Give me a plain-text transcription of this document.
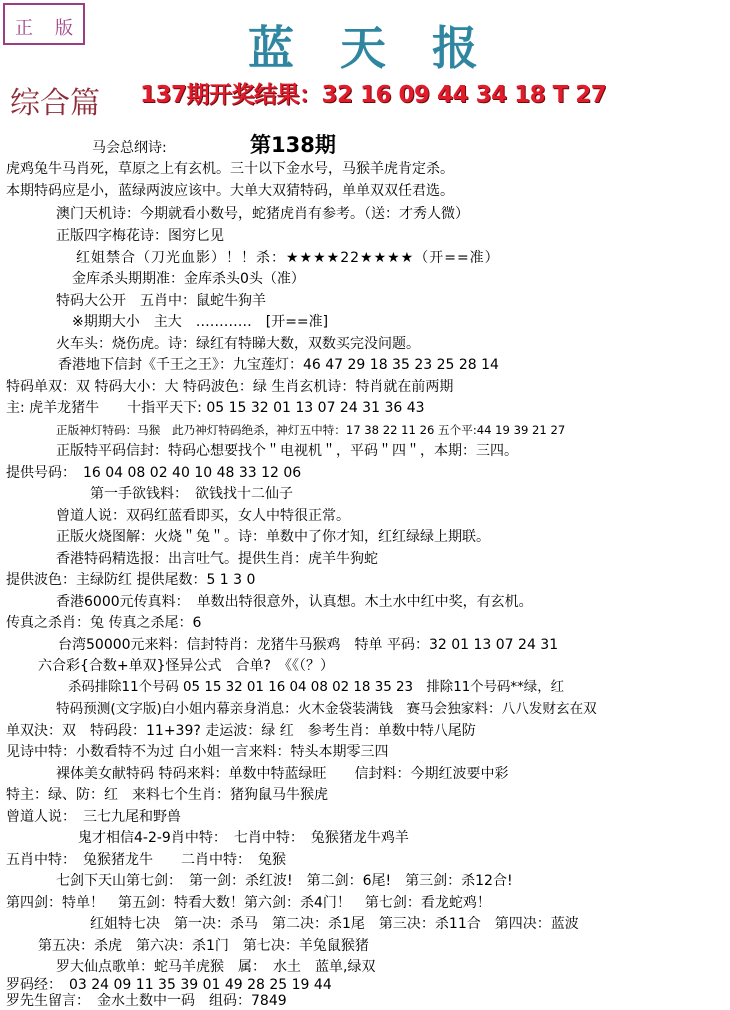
正 版	蓝天报
综合篇 137期开奖结果：32 16 09 44 34 18 T 27
马会总纲诗:	第138期
虎鸡兔牛马肖死，草原之上有玄机。三十以下金水号，马猴羊虎肯定杀。
本期特码应是小，蓝绿两波应该中。大单大双猜特码，单单双双任君选。
澳门天机诗：今期就看小数号，蛇猪虎肖有参考。（送：才秀人微）
正版四字梅花诗：图穷匕见
红姐禁合（刀光血影）！！杀：★★★★22★★★★（开==准）
金库杀头期期准：金库杀头0头（准）
特码大公开　五肖中：鼠蛇牛狗羊
※期期大小　主大　…………　[开==准]
火车头：烧伤虎。诗：绿红有特睇大数，双数买完没问题。
香港地下信封《千王之王》：九宝莲灯：46 47 29 18 35 23 25 28 14
特码单双：双 特码大小：大 特码波色：绿 生肖玄机诗：特肖就在前两期
主: 虎羊龙猪牛　　十指平天下: 05 15 32 01 13 07 24 31 36 43
正版神灯特码：马猴　此乃神灯特码绝杀，神灯五中特：17 38 22 11 26 五个平:44 19 39 21 27
正版特平码信封：特码心想要找个＂电视机＂，平码＂四＂，本期：三四。
提供号码：　16 04 08 02 40 10 48 33 12 06
第一手欲钱料：　欲钱找十二仙子
曾道人说：双码红蓝看即买，女人中特很正常。
正版火烧图解：火烧＂兔＂。诗：单数中了你才知，红红绿绿上期联。
香港特码精选报：出言吐气。提供生肖：虎羊牛狗蛇
提供波色：主绿防红 提供尾数：5 1 3 0
香港6000元传真料：　单数出特很意外，认真想。木土水中红中奖，有玄机。
传真之杀肖：兔 传真之杀尾：6
台湾50000元来料：信封特肖：龙猪牛马猴鸡　特单 平码：32 01 13 07 24 31
六合彩{合数+单双}怪异公式　合单?　《《（？）
杀码排除11个号码 05 15 32 01 16 04 08 02 18 35 23　排除11个号码**绿，红
特码预测(文字版)白小姐内幕亲身消息：火木金袋装满钱　赛马会独家料：八八发财玄在双
单双決：双　特码段：11+39? 走运波：绿 红　参考生肖：单数中特八尾防
见诗中特：小数看特不为过 白小姐一言来料：特头本期零三四
裸体美女献特码 特码来料：单数中特蓝绿旺　　信封料：今期红波要中彩
特主：绿、防：红　来料七个生肖：猪狗鼠马牛猴虎
曾道人说：　三七九尾和野兽
鬼才相信4-2-9肖中特：　七肖中特：　兔猴猪龙牛鸡羊
五肖中特：　兔猴猪龙牛　　二肖中特：　兔猴
七剑下天山第七剑：　第一剑：杀红波!　第二剑：6尾!　第三剑：杀12合!
第四剑：特单！　第五剑：特看大数！第六剑：杀4门！　第七剑：看龙蛇鸡！
红姐特七决　第一决：杀马　第二决：杀1尾　第三决：杀11合　第四决：蓝波
第五决：杀虎　第六决：杀1门　第七决：羊兔鼠猴猪
罗大仙点歌单：蛇马羊虎猴　属：　水土　蓝单,绿双
罗码经：　03 24 09 11 35 39 01 49 28 25 19 44
罗先生留言：　金水土数中一码　组码：7849
